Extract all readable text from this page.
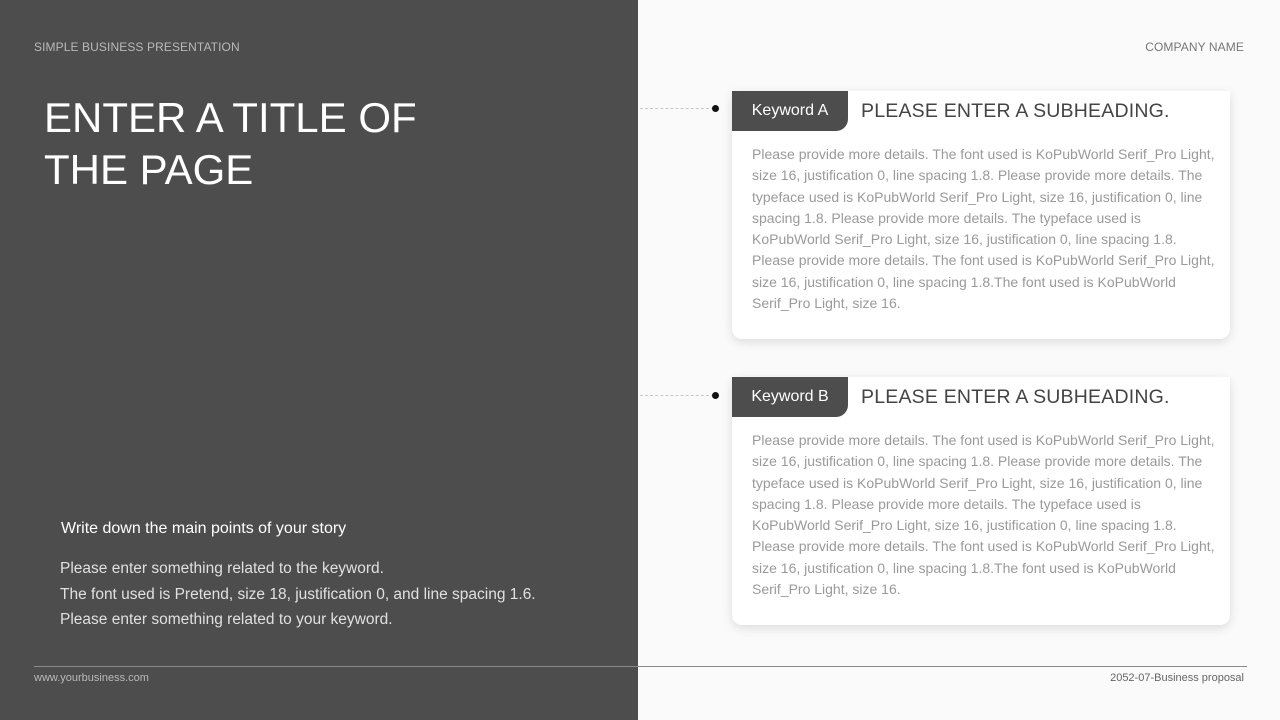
SIMPLE BUSINESS PRESENTATION	COMPANY NAME
ENTER A TITLE OF
THE PAGE
Write down the main points of your story
Please enter something related to the keyword.
The font used is Pretend, size 18, justification 0, and line spacing 1.6.
Please enter something related to your keyword.
Keyword A	PLEASE ENTER A SUBHEADING.
Please provide more details. The font used is KoPubWorld Serif_Pro Light, size 16, justification 0, line spacing 1.8. Please provide more details. The typeface used is KoPubWorld Serif_Pro Light, size 16, justification 0, line spacing 1.8. Please provide more details. The typeface used is KoPubWorld Serif_Pro Light, size 16, justification 0, line spacing 1.8. Please provide more details. The font used is KoPubWorld Serif_Pro Light, size 16, justification 0, line spacing 1.8.The font used is KoPubWorld Serif_Pro Light, size 16.
Keyword B	PLEASE ENTER A SUBHEADING.
Please provide more details. The font used is KoPubWorld Serif_Pro Light, size 16, justification 0, line spacing 1.8. Please provide more details. The typeface used is KoPubWorld Serif_Pro Light, size 16, justification 0, line spacing 1.8. Please provide more details. The typeface used is KoPubWorld Serif_Pro Light, size 16, justification 0, line spacing 1.8. Please provide more details. The font used is KoPubWorld Serif_Pro Light, size 16, justification 0, line spacing 1.8.The font used is KoPubWorld Serif_Pro Light, size 16.
www.yourbusiness.com	2052-07-Business proposal
